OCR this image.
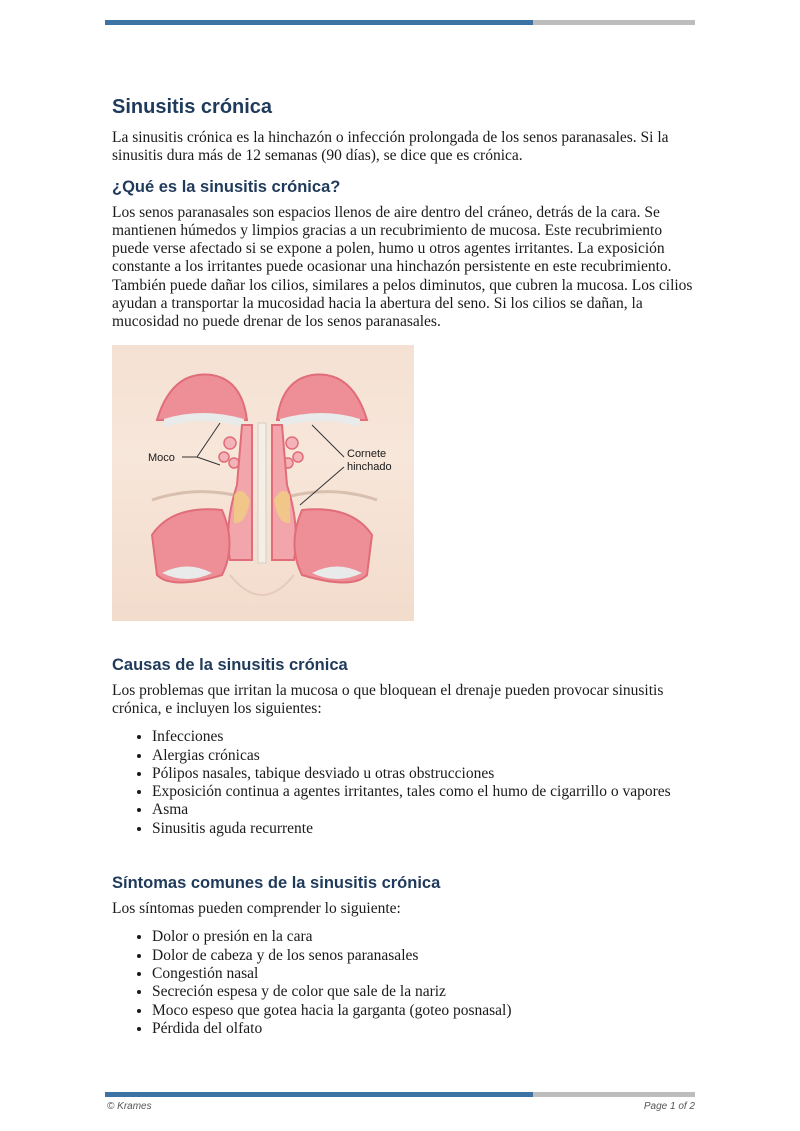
Sinusitis crónica

La sinusitis crónica es la hinchazón o infección prolongada de los senos paranasales. Si la sinusitis dura más de 12 semanas (90 días), se dice que es crónica.

¿Qué es la sinusitis crónica?

Los senos paranasales son espacios llenos de aire dentro del cráneo, detrás de la cara. Se mantienen húmedos y limpios gracias a un recubrimiento de mucosa. Este recubrimiento puede verse afectado si se expone a polen, humo u otros agentes irritantes. La exposición constante a los irritantes puede ocasionar una hinchazón persistente en este recubrimiento. También puede dañar los cilios, similares a pelos diminutos, que cubren la mucosa. Los cilios ayudan a transportar la mucosidad hacia la abertura del seno. Si los cilios se dañan, la mucosidad no puede drenar de los senos paranasales.

Moco	Cornete
hinchado
Causas de la sinusitis crónica

Los problemas que irritan la mucosa o que bloquean el drenaje pueden provocar sinusitis crónica, e incluyen los siguientes:

• Infecciones
• Alergias crónicas
• Pólipos nasales, tabique desviado u otras obstrucciones
• Exposición continua a agentes irritantes, tales como el humo de cigarrillo o vapores
• Asma
• Sinusitis aguda recurrente
Síntomas comunes de la sinusitis crónica

Los síntomas pueden comprender lo siguiente:

• Dolor o presión en la cara
• Dolor de cabeza y de los senos paranasales
• Congestión nasal
• Secreción espesa y de color que sale de la nariz
• Moco espeso que gotea hacia la garganta (goteo posnasal)
• Pérdida del olfato
© Krames	Page 1 of 2
